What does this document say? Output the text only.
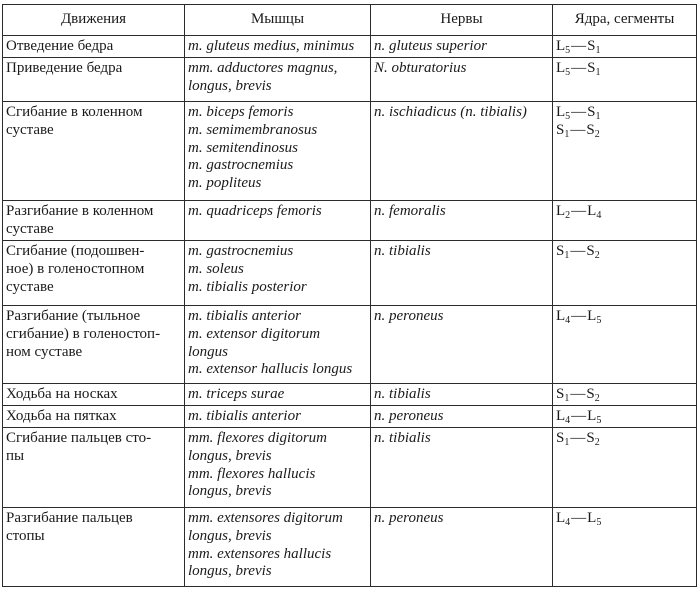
Движения	Мышцы	Нервы	Ядра, сегменты

Отведение бедра	m. gluteus medius, minimus	n. gluteus superior	$L_5—S_1$

Приведение бедра	mm. adductores magnus,
longus, brevis	N. obturatorius	$L_5—S_1$

Сгибание в коленном
суставе	m. biceps femoris
m. semimembranosus
m. semitendinosus
m. gastrocnemius
m. popliteus	n. ischiadicus (n. tibialis)	$L_5—S_1$
$S_1—S_2$

Разгибание в коленном
суставе	m. quadriceps femoris	n. femoralis	$L_2—L_4$

Сгибание (подошвен-
ное) в голеностопном
суставе	m. gastrocnemius
m. soleus
m. tibialis posterior	n. tibialis	$S_1—S_2$

Разгибание (тыльное
сгибание) в голеностоп-
ном суставе	m. tibialis anterior
m. extensor digitorum
longus
m. extensor hallucis longus	n. peroneus	$L_4—L_5$

Ходьба на носках	m. triceps surae	n. tibialis	$S_1—S_2$

Ходьба на пятках	m. tibialis anterior	n. peroneus	$L_4—L_5$

Сгибание пальцев сто-
пы	mm. flexores digitorum
longus, brevis
mm. flexores hallucis
longus, brevis	n. tibialis	$S_1—S_2$

Разгибание пальцев
стопы	mm. extensores digitorum
longus, brevis
mm. extensores hallucis
longus, brevis	n. peroneus	$L_4—L_5$
